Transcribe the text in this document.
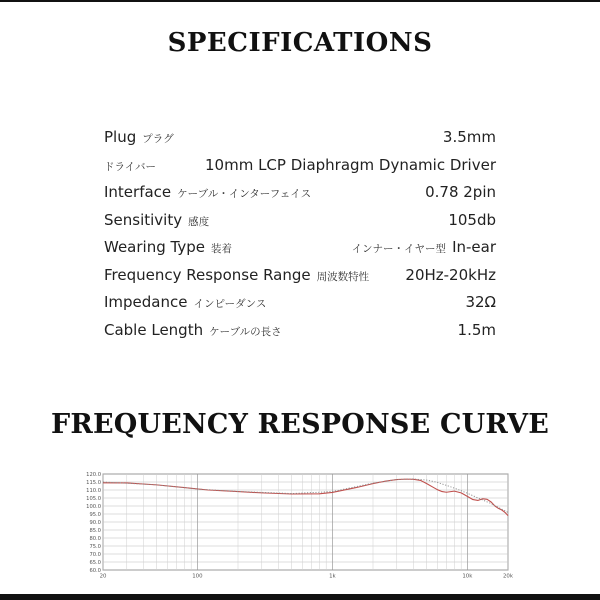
SPECIFICATIONS
Plug プラグ	3.5mm
ドライバー	10mm LCP Diaphragm Dynamic Driver
Interface ケーブル・インターフェイス	0.78 2pin
Sensitivity 感度	105db
Wearing Type 装着	インナー・イヤー型 In-ear
Frequency Response Range 周波数特性 20Hz-20kHz
Impedance インピーダンス	32Ω
Cable Length ケーブルの長さ	1.5m
FREQUENCY RESPONSE CURVE
120.0
115.0
110.0
105.0
100.0
95.0
90.0
85.0
80.0
75.0
70.0
65.0
60.0
20	100	1k	10k	20k
